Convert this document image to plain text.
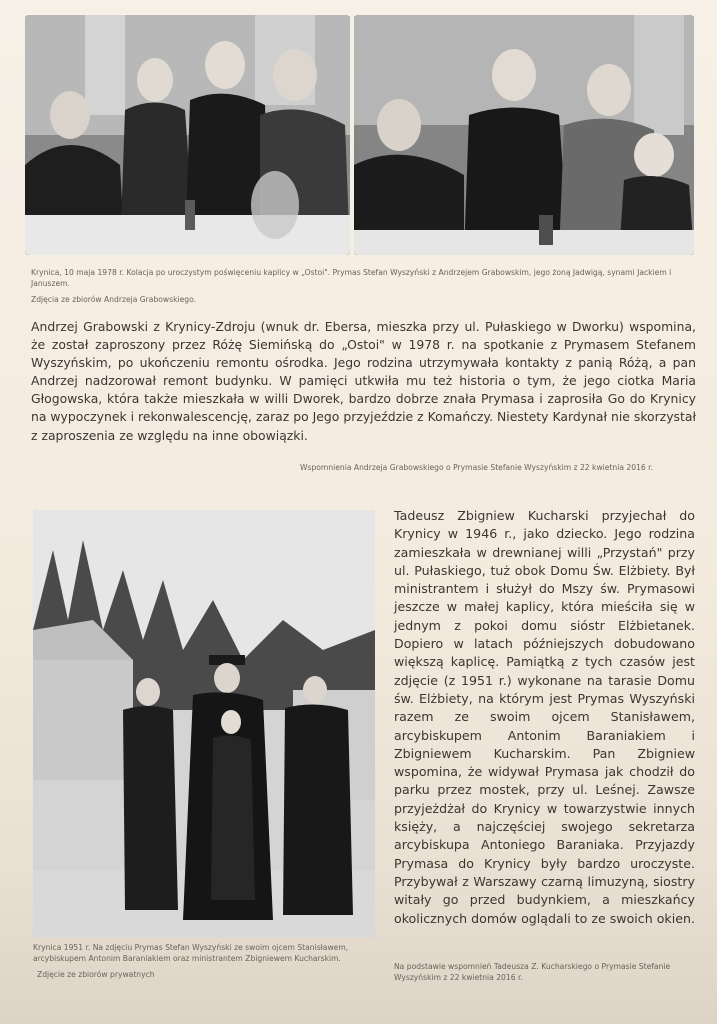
Krynica, 10 maja 1978 r. Kolacja po uroczystym poświęceniu kaplicy w „Ostoi". Prymas Stefan Wyszyński z Andrzejem Grabowskim, jego żoną Jadwigą, synami Jackiem i Januszem.
Zdjęcia ze zbiorów Andrzeja Grabowskiego.
Andrzej Grabowski z Krynicy-Zdroju (wnuk dr. Ebersa, mieszka przy ul. Pułaskiego w Dworku) wspomina, że został zaproszony przez Różę Siemińską do „Ostoi" w 1978 r. na spotkanie z Prymasem Stefanem Wyszyńskim, po ukończeniu remontu ośrodka. Jego rodzina utrzymywała kontakty z panią Różą, a pan Andrzej nadzorował remont budynku. W pamięci utkwiła mu też historia o tym, że jego ciotka Maria Głogowska, która także mieszkała w willi Dworek, bardzo dobrze znała Prymasa i zaprosiła Go do Krynicy na wypoczynek i rekonwalescencję, zaraz po Jego przyjeździe z Komańczy. Niestety Kardynał nie skorzystał z zaproszenia ze względu na inne obowiązki.
Wspomnienia Andrzeja Grabowskiego o Prymasie Stefanie Wyszyńskim z 22 kwietnia 2016 r.
Tadeusz Zbigniew Kucharski przyjechał do Krynicy w 1946 r., jako dziecko. Jego rodzina zamieszkała w drewnianej willi „Przystań" przy ul. Pułaskiego, tuż obok Domu Św. Elżbiety. Był ministrantem i służył do Mszy św. Prymasowi jeszcze w małej kaplicy, która mieściła się w jednym z pokoi domu sióstr Elżbietanek. Dopiero w latach późniejszych dobudowano większą kaplicę. Pamiątką z tych czasów jest zdjęcie (z 1951 r.) wykonane na tarasie Domu św. Elżbiety, na którym jest Prymas Wyszyński razem ze swoim ojcem Stanisławem, arcybiskupem Antonim Baraniakiem i Zbigniewem Kucharskim. Pan Zbigniew wspomina, że widywał Prymasa jak chodził do parku przez mostek, przy ul. Leśnej. Zawsze przyjeżdżał do Krynicy w towarzystwie innych księży, a najczęściej swojego sekretarza arcybiskupa Antoniego Baraniaka. Przyjazdy Prymasa do Krynicy były bardzo uroczyste. Przybywał z Warszawy czarną limuzyną, siostry witały go przed budynkiem, a mieszkańcy okolicznych domów oglądali to ze swoich okien.
Krynica 1951 r. Na zdjęciu Prymas Stefan Wyszyński ze swoim ojcem Stanisławem, arcybiskupem Antonim Baraniakiem oraz ministrantem Zbigniewem Kucharskim.
Zdjęcie ze zbiorów prywatnych
Na podstawie wspomnień Tadeusza Z. Kucharskiego o Prymasie Stefanie Wyszyńskim z 22 kwietnia 2016 r.
